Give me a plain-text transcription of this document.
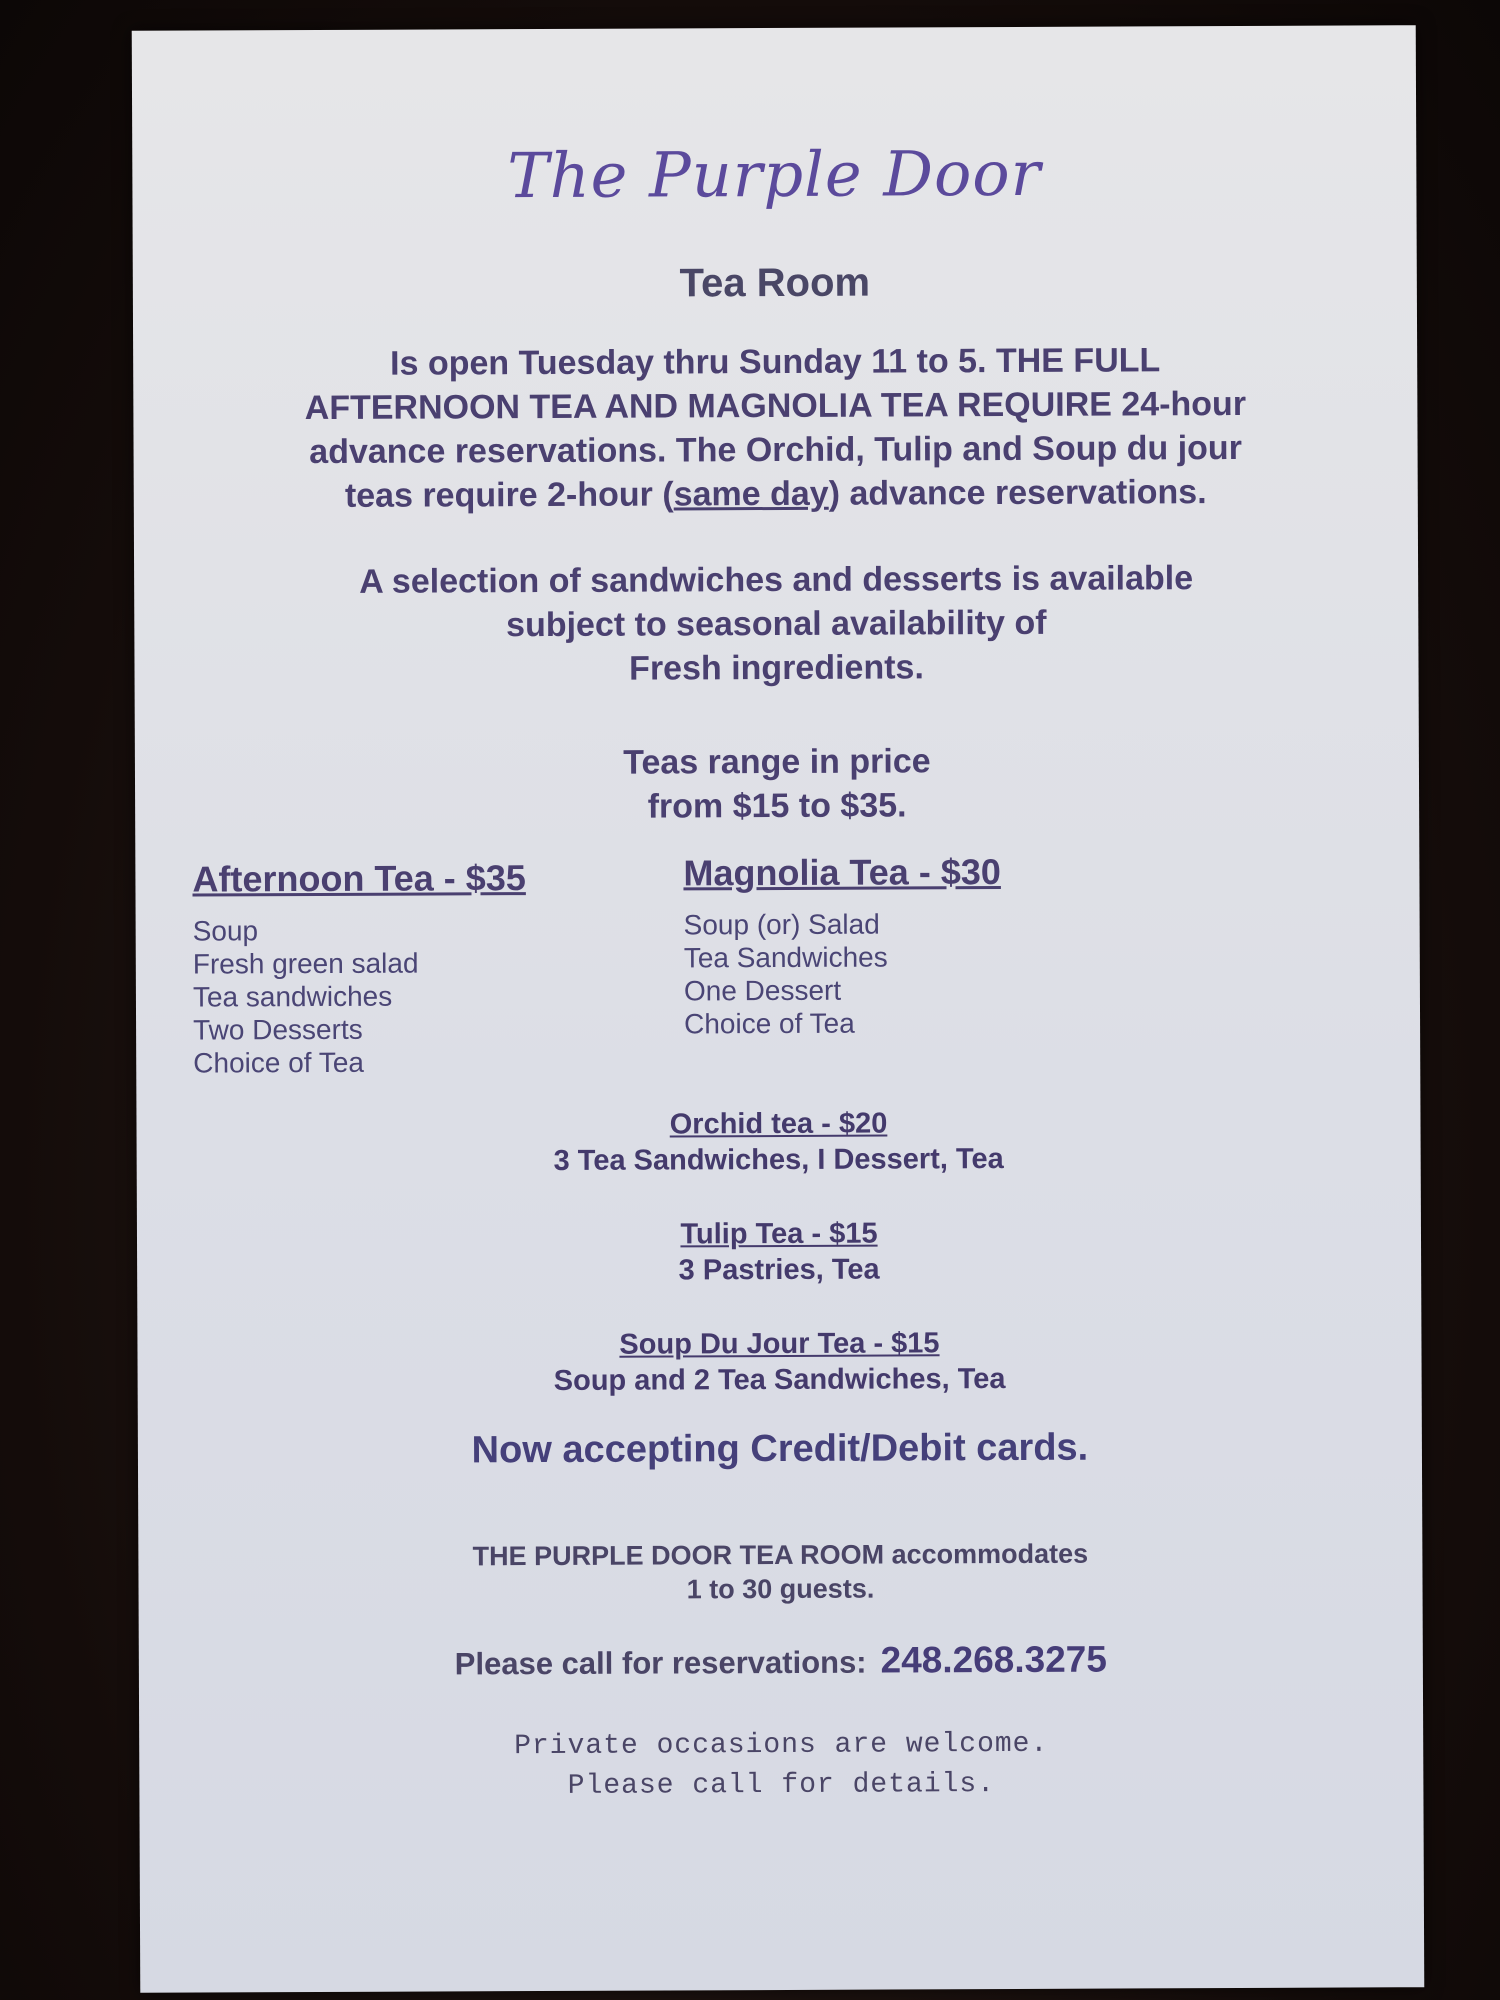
The Purple Door
Tea Room
Is open Tuesday thru Sunday 11 to 5. THE FULL
AFTERNOON TEA AND MAGNOLIA TEA REQUIRE 24-hour
advance reservations. The Orchid, Tulip and Soup du jour
teas require 2-hour (same day) advance reservations.
A selection of sandwiches and desserts is available
subject to seasonal availability of
Fresh ingredients.
Teas range in price
from $15 to $35.
Afternoon Tea - $35
Soup
Fresh green salad
Tea sandwiches
Two Desserts
Choice of Tea
Magnolia Tea - $30
Soup (or) Salad
Tea Sandwiches
One Dessert
Choice of Tea
Orchid tea - $20
3 Tea Sandwiches, I Dessert, Tea
Tulip Tea - $15
3 Pastries, Tea
Soup Du Jour Tea - $15
Soup and 2 Tea Sandwiches, Tea
Now accepting Credit/Debit cards.
THE PURPLE DOOR TEA ROOM accommodates
1 to 30 guests.
Please call for reservations: 248.268.3275
Private occasions are welcome.
Please call for details.
